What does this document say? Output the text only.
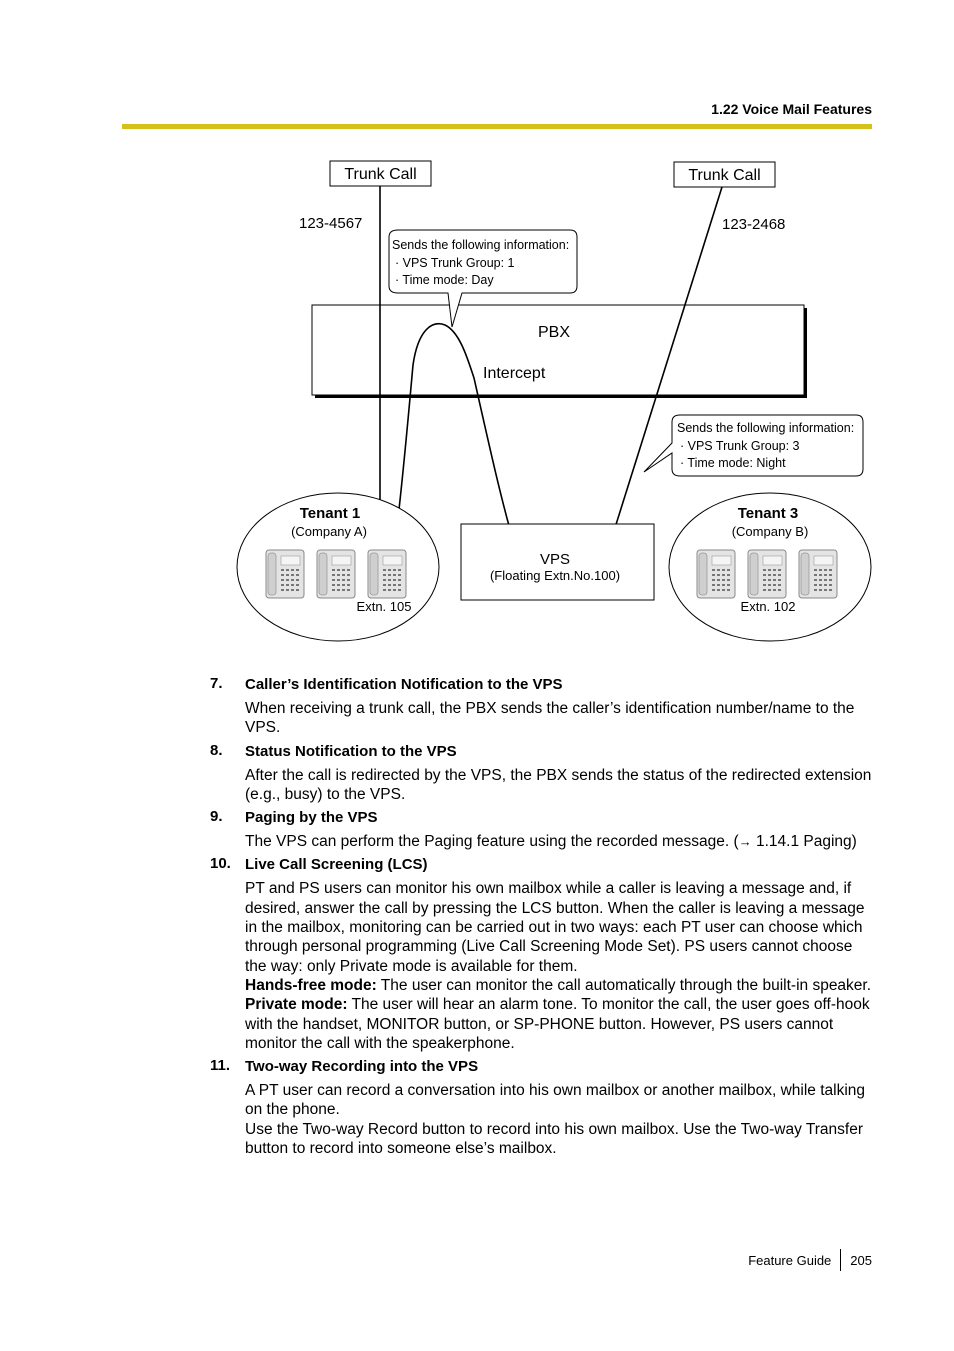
1.22 Voice Mail Features
Trunk Call	Trunk Call
123-4567	123-2468
PBX
Intercept
Sends the following information:
· VPS Trunk Group: 1
· Time mode: Day
Sends the following information:
· VPS Trunk Group: 3
· Time mode: Night
Tenant 1
(Company A)
Extn. 105
VPS
(Floating Extn.No.100)
Tenant 3
(Company B)
Extn. 102
7.	Caller’s Identification Notification to the VPS
When receiving a trunk call, the PBX sends the caller’s identification number/name to the VPS.
8.	Status Notification to the VPS
After the call is redirected by the VPS, the PBX sends the status of the redirected extension (e.g., busy) to the VPS.
9.	Paging by the VPS
The VPS can perform the Paging feature using the recorded message. (→ 1.14.1 Paging)
10. Live Call Screening (LCS)

PT and PS users can monitor his own mailbox while a caller is leaving a message and, if desired, answer the call by pressing the LCS button. When the caller is leaving a message in the mailbox, monitoring can be carried out in two ways: each PT user can choose which through personal programming (Live Call Screening Mode Set). PS users cannot choose the way: only Private mode is available for them.

Hands-free mode: The user can monitor the call automatically through the built-in speaker.

Private mode: The user will hear an alarm tone. To monitor the call, the user goes off-hook with the handset, MONITOR button, or SP-PHONE button. However, PS users cannot monitor the call with the speakerphone.

11. Two-way Recording into the VPS

A PT user can record a conversation into his own mailbox or another mailbox, while talking on the phone.

Use the Two-way Record button to record into his own mailbox. Use the Two-way Transfer button to record into someone else’s mailbox.

Feature Guide 205
